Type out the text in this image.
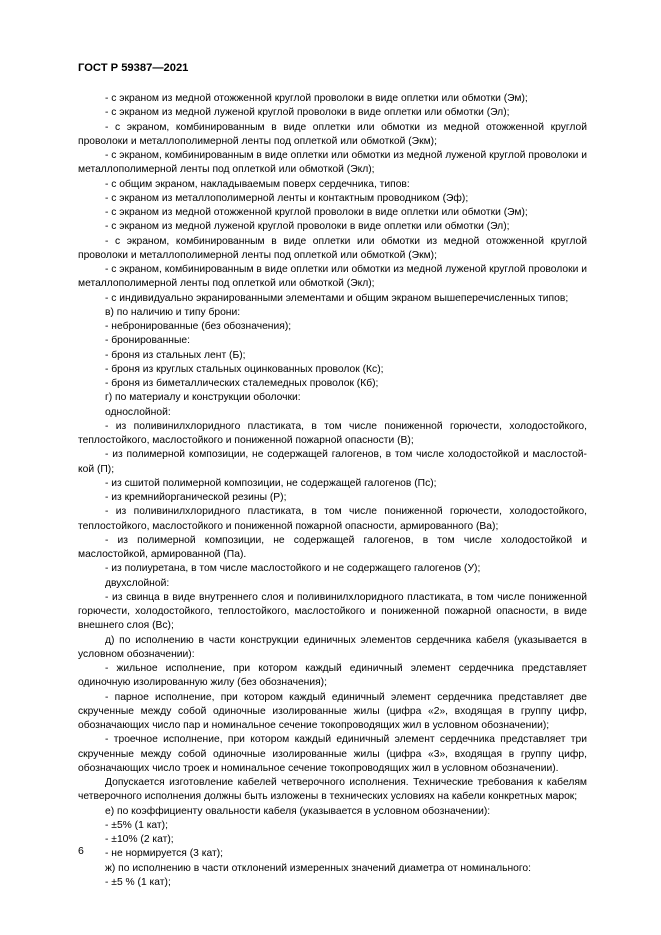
ГОСТ Р 59387—2021

- с экраном из медной отожженной круглой проволоки в виде оплетки или обмотки (Эм);

- с экраном из медной луженой круглой проволоки в виде оплетки или обмотки (Эл);

- с экраном, комбинированным в виде оплетки или обмотки из медной отожженной круглой проволоки и металлополимерной ленты под оплеткой или обмоткой (Экм);

- с экраном, комбинированным в виде оплетки или обмотки из медной луженой круглой проволоки и металлополимерной ленты под оплеткой или обмоткой (Экл);

- с общим экраном, накладываемым поверх сердечника, типов:

- с экраном из металлополимерной ленты и контактным проводником (Эф);

- с экраном из медной отожженной круглой проволоки в виде оплетки или обмотки (Эм);

- с экраном из медной луженой круглой проволоки в виде оплетки или обмотки (Эл);

- с экраном, комбинированным в виде оплетки или обмотки из медной отожженной круглой проволоки и металлополимерной ленты под оплеткой или обмоткой (Экм);

- с экраном, комбинированным в виде оплетки или обмотки из медной луженой круглой проволоки и металлополимерной ленты под оплеткой или обмоткой (Экл);

- с индивидуально экранированными элементами и общим экраном вышеперечисленных типов;

в) по наличию и типу брони:

- небронированные (без обозначения);

- бронированные:

- броня из стальных лент (Б);

- броня из круглых стальных оцинкованных проволок (Кс);

- броня из биметаллических сталемедных проволок (Кб);

г) по материалу и конструкции оболочки:

однослойной:

- из поливинилхлоридного пластиката, в том числе пониженной горючести, холодостойкого, теплостойкого, маслостойкого и пониженной пожарной опасности (В);

- из полимерной композиции, не содержащей галогенов, в том числе холодостойкой и маслостой-кой (П);

- из сшитой полимерной композиции, не содержащей галогенов (Пс);

- из кремнийорганической резины (Р);

- из поливинилхлоридного пластиката, в том числе пониженной горючести, холодостойкого, теплостойкого, маслостойкого и пониженной пожарной опасности, армированного (Ва);

- из полимерной композиции, не содержащей галогенов, в том числе холодостойкой и маслостойкой, армированной (Па).

- из полиуретана, в том числе маслостойкого и не содержащего галогенов (У);

двухслойной:

- из свинца в виде внутреннего слоя и поливинилхлоридного пластиката, в том числе пониженной горючести, холодостойкого, теплостойкого, маслостойкого и пониженной пожарной опасности, в виде внешнего слоя (Вс);

д) по исполнению в части конструкции единичных элементов сердечника кабеля (указывается в условном обозначении):

- жильное исполнение, при котором каждый единичный элемент сердечника представляет одиночную изолированную жилу (без обозначения);

- парное исполнение, при котором каждый единичный элемент сердечника представляет две скрученные между собой одиночные изолированные жилы (цифра «2», входящая в группу цифр, обозначающих число пар и номинальное сечение токопроводящих жил в условном обозначении);

- троечное исполнение, при котором каждый единичный элемент сердечника представляет три скрученные между собой одиночные изолированные жилы (цифра «3», входящая в группу цифр, обозначающих число троек и номинальное сечение токопроводящих жил в условном обозначении).

Допускается изготовление кабелей четверочного исполнения. Технические требования к кабелям четверочного исполнения должны быть изложены в технических условиях на кабели конкретных марок;

е) по коэффициенту овальности кабеля (указывается в условном обозначении):

- ±5% (1 кат);

- ±10% (2 кат);

- не нормируется (3 кат);

ж) по исполнению в части отклонений измеренных значений диаметра от номинального:

- ±5 % (1 кат);

6
